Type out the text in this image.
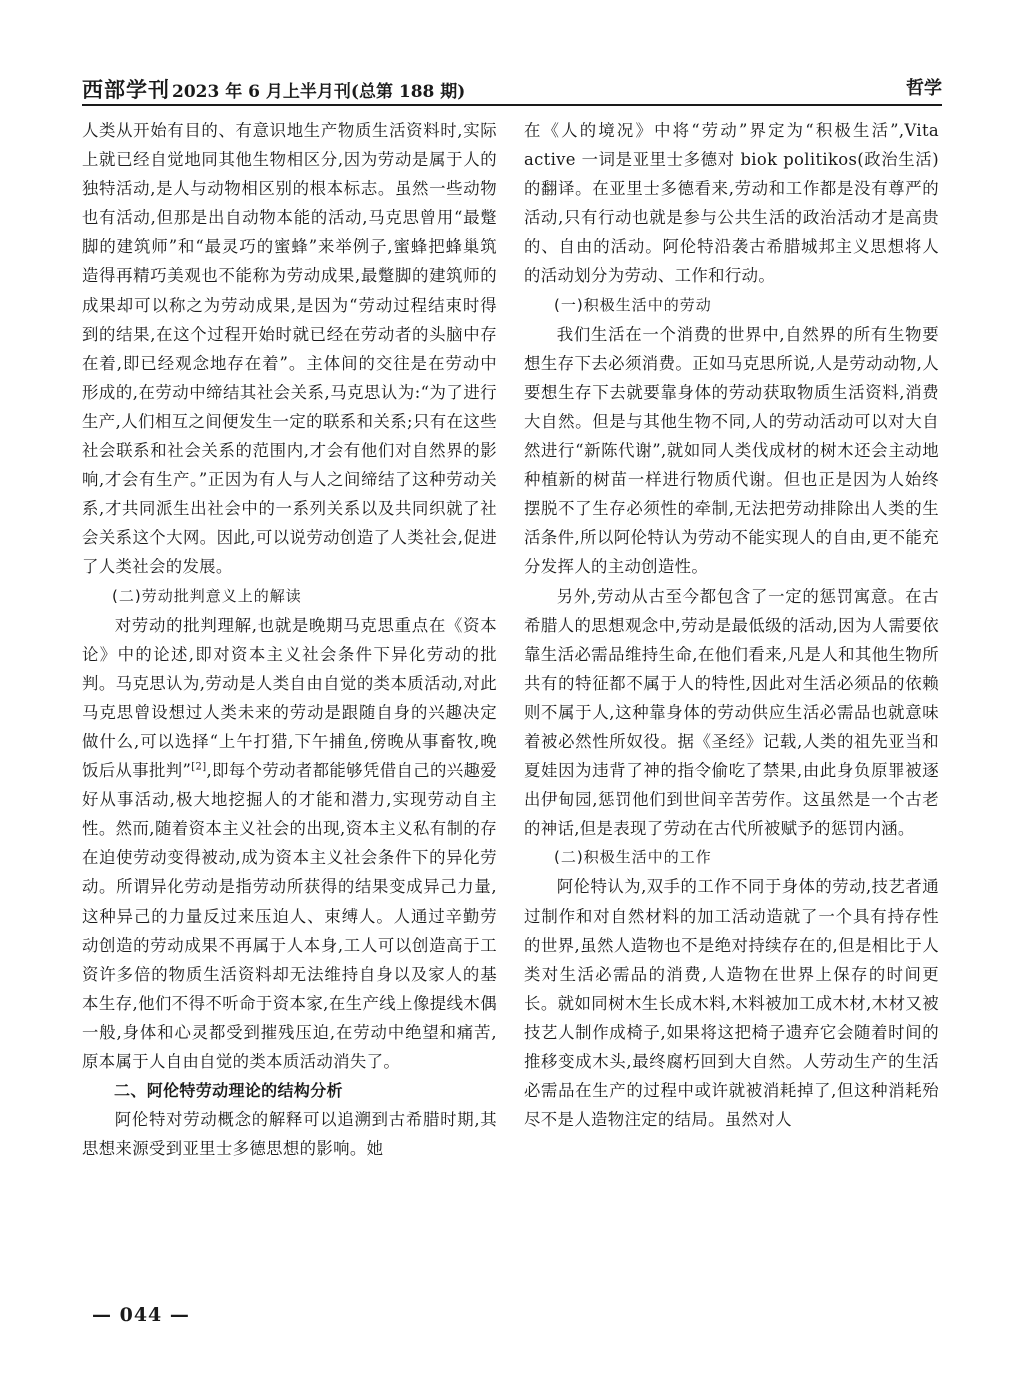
西部学刊 2023 年 6 月上半月刊(总第 188 期)	哲学

人类从开始有目的、有意识地生产物质生活资料时,实际上就已经自觉地同其他生物相区分,因为劳动是属于人的独特活动,是人与动物相区别的根本标志。虽然一些动物也有活动,但那是出自动物本能的活动,马克思曾用“最蹩脚的建筑师”和“最灵巧的蜜蜂”来举例子,蜜蜂把蜂巢筑造得再精巧美观也不能称为劳动成果,最蹩脚的建筑师的成果却可以称之为劳动成果,是因为“劳动过程结束时得到的结果,在这个过程开始时就已经在劳动者的头脑中存在着,即已经观念地存在着”。主体间的交往是在劳动中形成的,在劳动中缔结其社会关系,马克思认为:“为了进行生产,人们相互之间便发生一定的联系和关系;只有在这些社会联系和社会关系的范围内,才会有他们对自然界的影响,才会有生产。”正因为有人与人之间缔结了这种劳动关系,才共同派生出社会中的一系列关系以及共同织就了社会关系这个大网。因此,可以说劳动创造了人类社会,促进了人类社会的发展。

(二)劳动批判意义上的解读

对劳动的批判理解,也就是晚期马克思重点在《资本论》中的论述,即对资本主义社会条件下异化劳动的批判。马克思认为,劳动是人类自由自觉的类本质活动,对此马克思曾设想过人类未来的劳动是跟随自身的兴趣决定做什么,可以选择“上午打猎,下午捕鱼,傍晚从事畜牧,晚饭后从事批判”[2],即每个劳动者都能够凭借自己的兴趣爱好从事活动,极大地挖掘人的才能和潜力,实现劳动自主性。然而,随着资本主义社会的出现,资本主义私有制的存在迫使劳动变得被动,成为资本主义社会条件下的异化劳动。所谓异化劳动是指劳动所获得的结果变成异己力量,这种异己的力量反过来压迫人、束缚人。人通过辛勤劳动创造的劳动成果不再属于人本身,工人可以创造高于工资许多倍的物质生活资料却无法维持自身以及家人的基本生存,他们不得不听命于资本家,在生产线上像提线木偶一般,身体和心灵都受到摧残压迫,在劳动中绝望和痛苦,原本属于人自由自觉的类本质活动消失了。

二、阿伦特劳动理论的结构分析

阿伦特对劳动概念的解释可以追溯到古希腊时期,其思想来源受到亚里士多德思想的影响。她

在《人的境况》中将“劳动”界定为“积极生活”,Vita active 一词是亚里士多德对 biok politikos(政治生活)的翻译。在亚里士多德看来,劳动和工作都是没有尊严的活动,只有行动也就是参与公共生活的政治活动才是高贵的、自由的活动。阿伦特沿袭古希腊城邦主义思想将人的活动划分为劳动、工作和行动。

(一)积极生活中的劳动

我们生活在一个消费的世界中,自然界的所有生物要想生存下去必须消费。正如马克思所说,人是劳动动物,人要想生存下去就要靠身体的劳动获取物质生活资料,消费大自然。但是与其他生物不同,人的劳动活动可以对大自然进行“新陈代谢”,就如同人类伐成材的树木还会主动地种植新的树苗一样进行物质代谢。但也正是因为人始终摆脱不了生存必须性的牵制,无法把劳动排除出人类的生活条件,所以阿伦特认为劳动不能实现人的自由,更不能充分发挥人的主动创造性。

另外,劳动从古至今都包含了一定的惩罚寓意。在古希腊人的思想观念中,劳动是最低级的活动,因为人需要依靠生活必需品维持生命,在他们看来,凡是人和其他生物所共有的特征都不属于人的特性,因此对生活必须品的依赖则不属于人,这种靠身体的劳动供应生活必需品也就意味着被必然性所奴役。据《圣经》记载,人类的祖先亚当和夏娃因为违背了神的指令偷吃了禁果,由此身负原罪被逐出伊甸园,惩罚他们到世间辛苦劳作。这虽然是一个古老的神话,但是表现了劳动在古代所被赋予的惩罚内涵。

(二)积极生活中的工作

阿伦特认为,双手的工作不同于身体的劳动,技艺者通过制作和对自然材料的加工活动造就了一个具有持存性的世界,虽然人造物也不是绝对持续存在的,但是相比于人类对生活必需品的消费,人造物在世界上保存的时间更长。就如同树木生长成木料,木料被加工成木材,木材又被技艺人制作成椅子,如果将这把椅子遗弃它会随着时间的推移变成木头,最终腐朽回到大自然。人劳动生产的生活必需品在生产的过程中或许就被消耗掉了,但这种消耗殆尽不是人造物注定的结局。虽然对人

— 044 —
